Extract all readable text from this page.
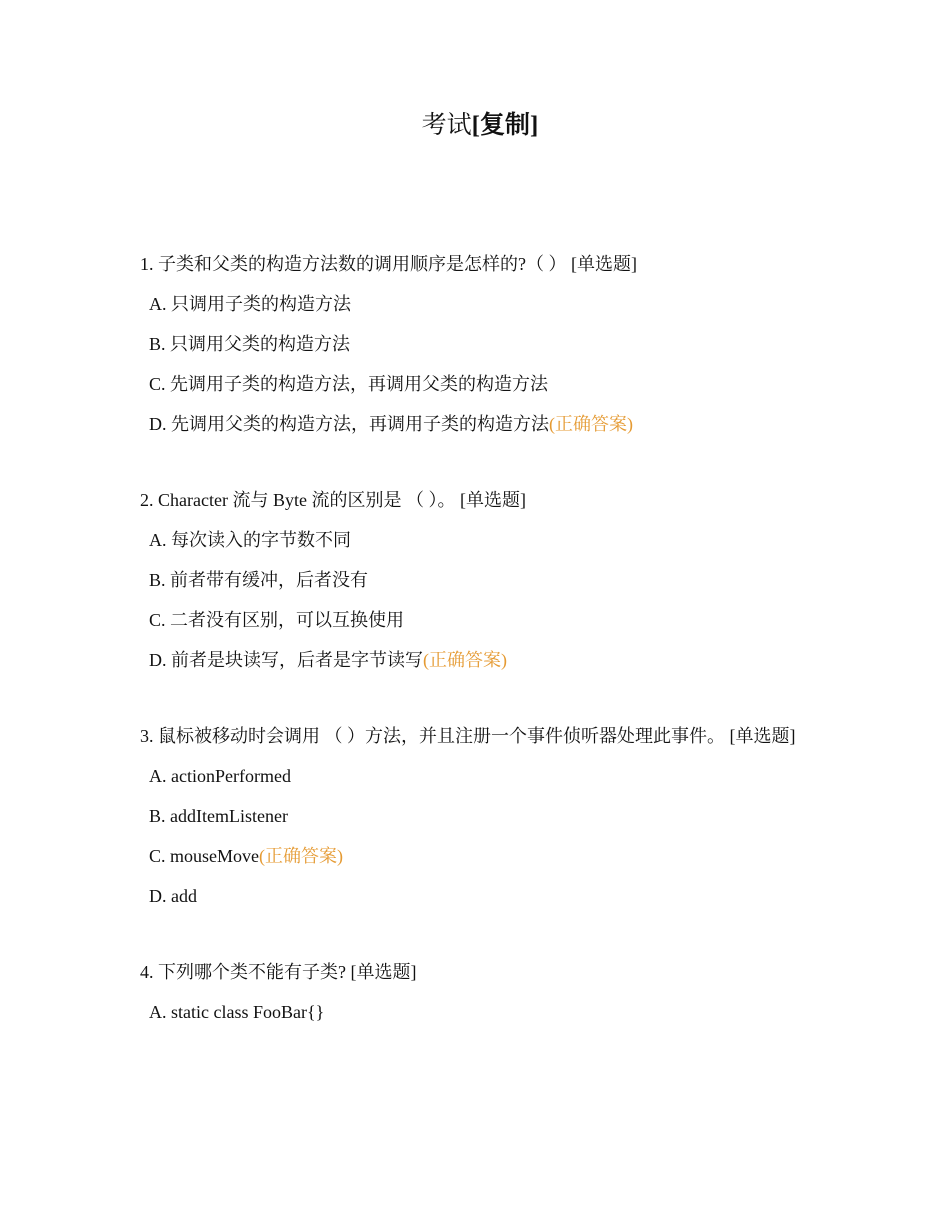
考试[复制]
1. 子类和父类的构造方法数的调用顺序是怎样的?（ ） [单选题]
A. 只调用子类的构造方法
B. 只调用父类的构造方法
C. 先调用子类的构造方法，再调用父类的构造方法
D. 先调用父类的构造方法，再调用子类的构造方法(正确答案)
2. Character 流与 Byte 流的区别是 （ ）。 [单选题]
A. 每次读入的字节数不同
B. 前者带有缓冲，后者没有
C. 二者没有区别，可以互换使用
D. 前者是块读写，后者是字节读写(正确答案)
3. 鼠标被移动时会调用 （ ）方法，并且注册一个事件侦听器处理此事件。 [单选题]
A. actionPerformed
B. addItemListener
C. mouseMove(正确答案)
D. add
4. 下列哪个类不能有子类? [单选题]
A. static class FooBar{}
